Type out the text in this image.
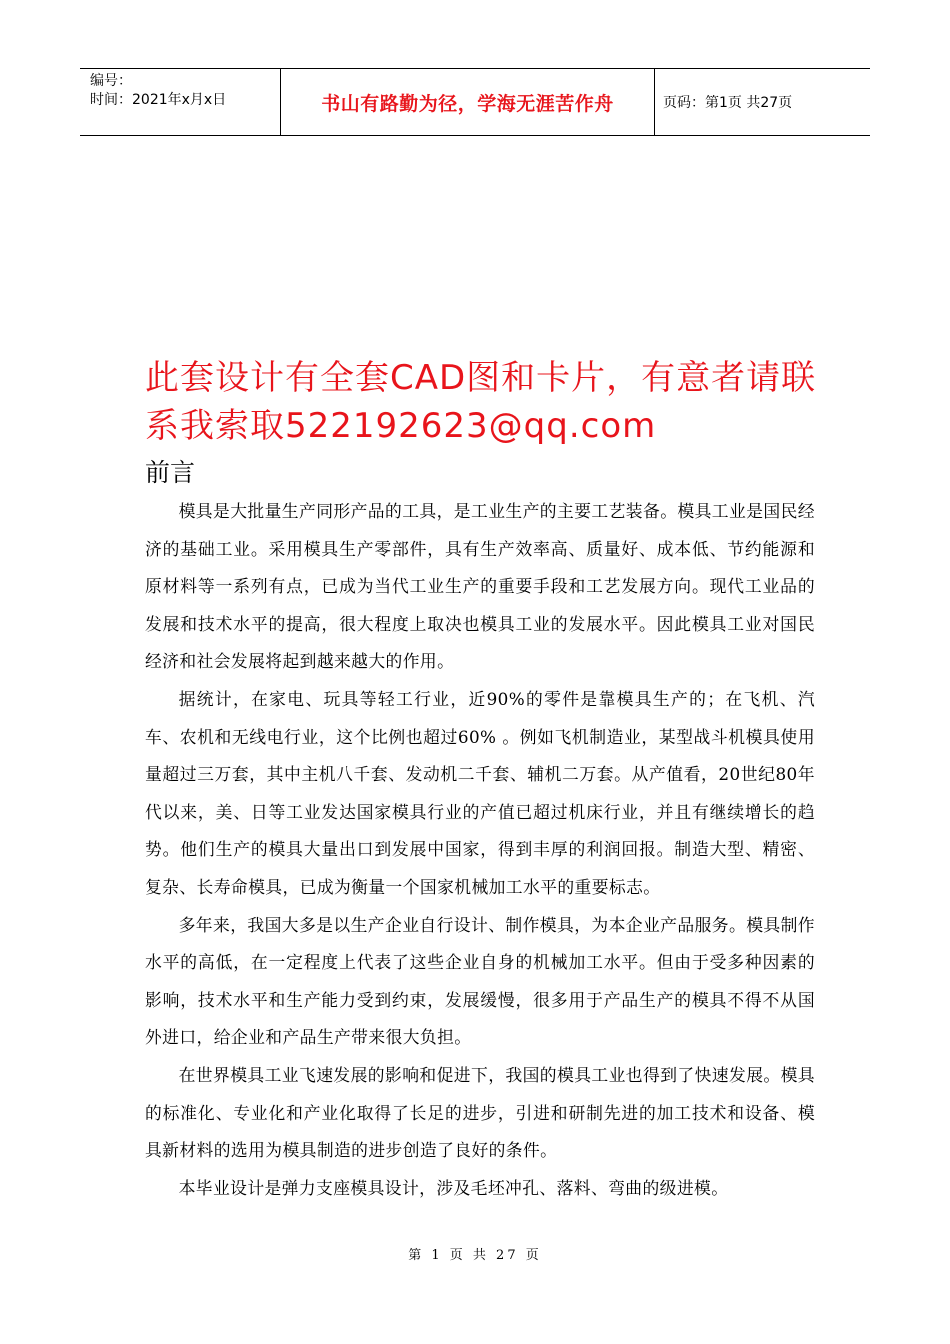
编号：
时间：2021年x月x日	书山有路勤为径，学海无涯苦作舟	页码：第1页 共27页
此套设计有全套CAD图和卡片，有意者请联系我索取522192623@qq.com
前言

模具是大批量生产同形产品的工具，是工业生产的主要工艺装备。模具工业是国民经济的基础工业。采用模具生产零部件，具有生产效率高、质量好、成本低、节约能源和原材料等一系列有点，已成为当代工业生产的重要手段和工艺发展方向。现代工业品的发展和技术水平的提高，很大程度上取决也模具工业的发展水平。因此模具工业对国民经济和社会发展将起到越来越大的作用。

据统计，在家电、玩具等轻工行业，近90%的零件是靠模具生产的；在飞机、汽车、农机和无线电行业，这个比例也超过60% 。例如飞机制造业，某型战斗机模具使用量超过三万套，其中主机八千套、发动机二千套、辅机二万套。从产值看，20世纪80年代以来，美、日等工业发达国家模具行业的产值已超过机床行业，并且有继续增长的趋势。他们生产的模具大量出口到发展中国家，得到丰厚的利润回报。制造大型、精密、复杂、长寿命模具，已成为衡量一个国家机械加工水平的重要标志。

多年来，我国大多是以生产企业自行设计、制作模具，为本企业产品服务。模具制作水平的高低，在一定程度上代表了这些企业自身的机械加工水平。但由于受多种因素的影响，技术水平和生产能力受到约束，发展缓慢，很多用于产品生产的模具不得不从国外进口，给企业和产品生产带来很大负担。

在世界模具工业飞速发展的影响和促进下，我国的模具工业也得到了快速发展。模具的标准化、专业化和产业化取得了长足的进步，引进和研制先进的加工技术和设备、模具新材料的选用为模具制造的进步创造了良好的条件。

本毕业设计是弹力支座模具设计，涉及毛坯冲孔、落料、弯曲的级进模。

第 1 页 共 27 页
